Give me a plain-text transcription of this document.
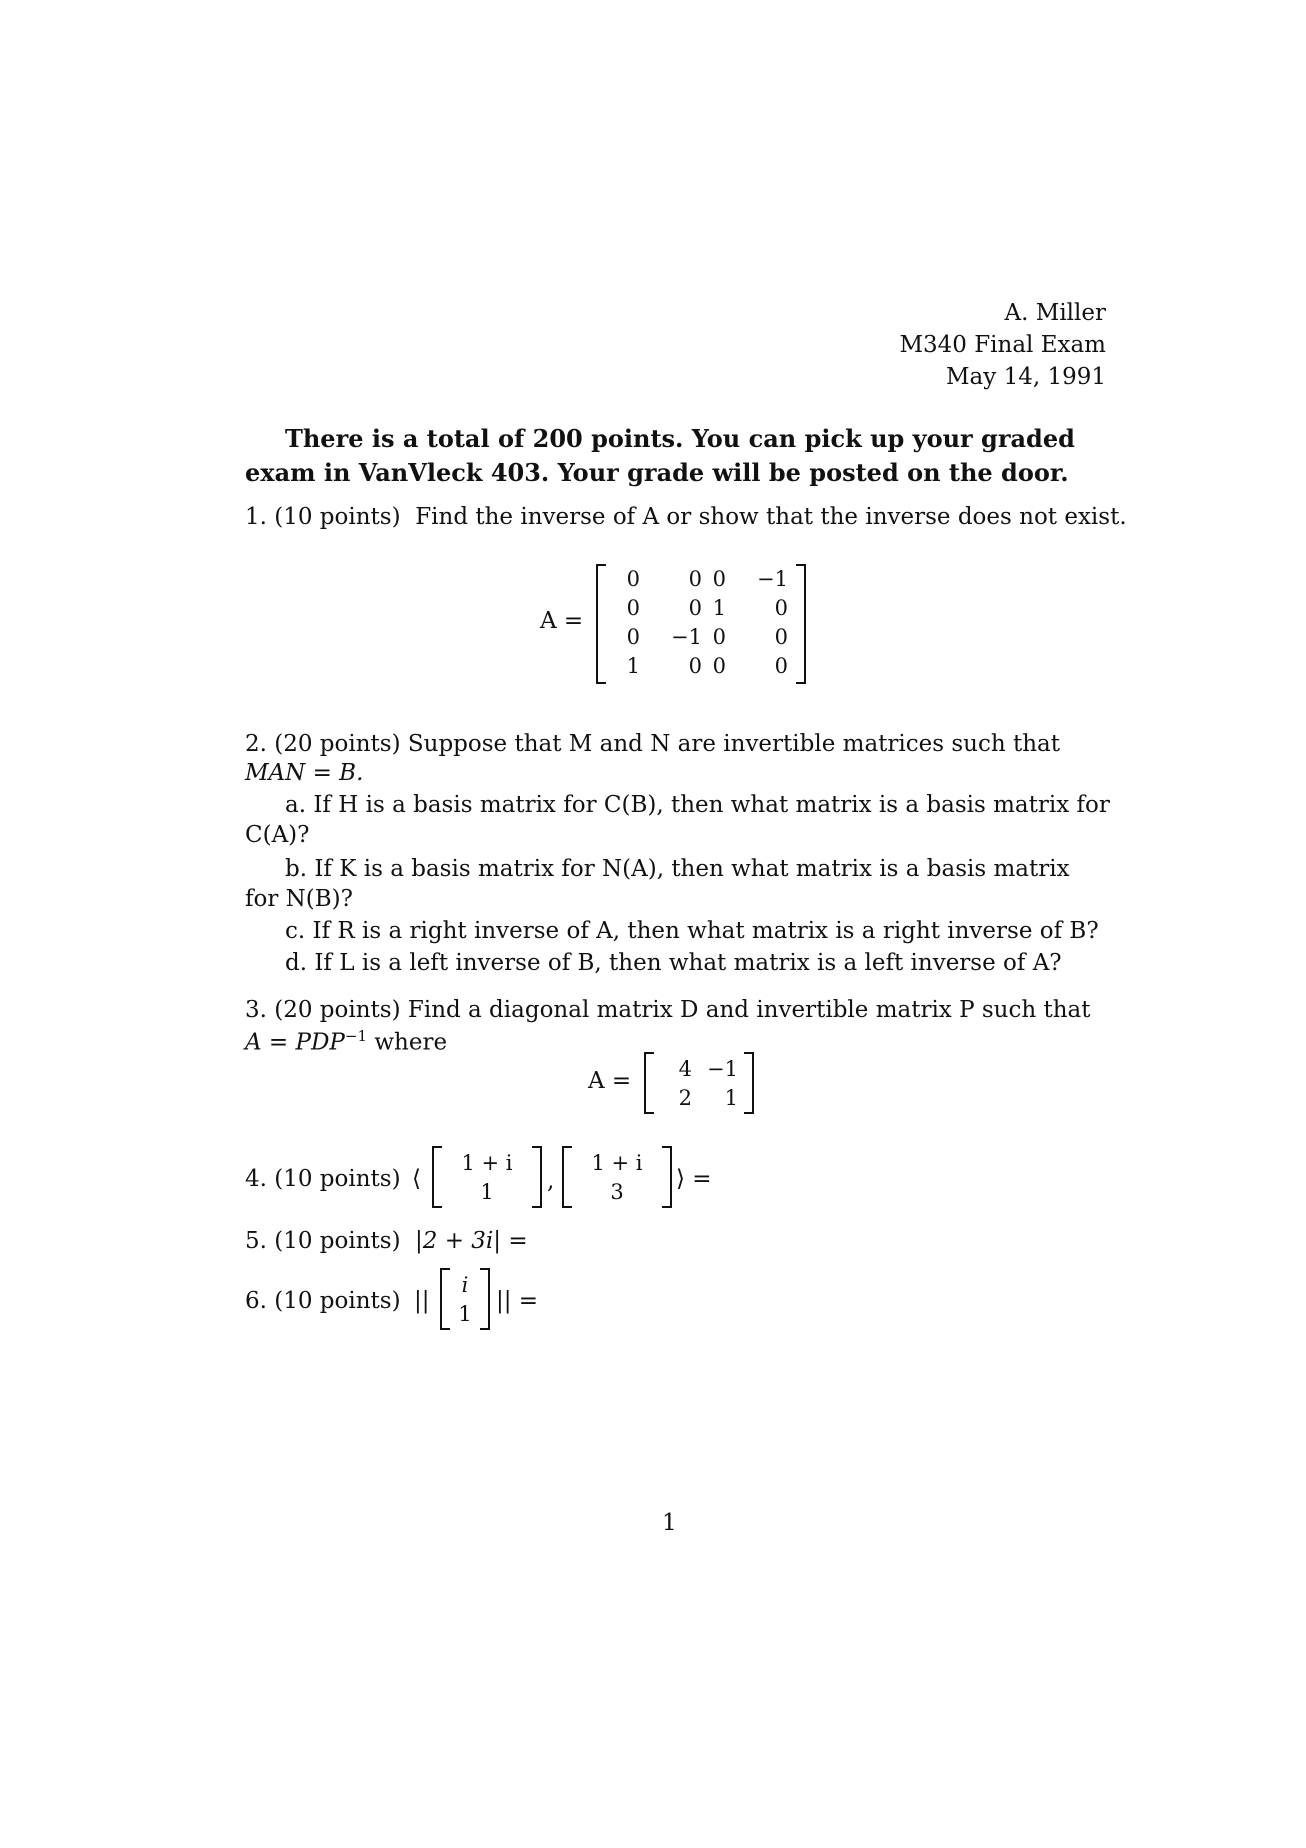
A. Miller
M340 Final Exam
May 14, 1991
There is a total of 200 points. You can pick up your graded
exam in VanVleck 403. Your grade will be posted on the door.
1. (10 points) Find the inverse of A or show that the inverse does not exist.
A =
0 0 0 −1
0 0 1 0
0 −1 0 0
1 0 0 0
2. (20 points) Suppose that M and N are invertible matrices such that
MAN = B.
a. If H is a basis matrix for C(B), then what matrix is a basis matrix for
C(A)?
b. If K is a basis matrix for N(A), then what matrix is a basis matrix
for N(B)?
c. If R is a right inverse of A, then what matrix is a right inverse of B?
d. If L is a left inverse of B, then what matrix is a left inverse of A?
3. (20 points) Find a diagonal matrix D and invertible matrix P such that
$A = PDP^{-1}$ where
A = 4 −1
2 1
4. (10 points) ⟨
1 + i
1	,
1 + i
3	⟩ =
5. (10 points) |2 + 3i| =
6. (10 points) ||
i
1	|| =
1
